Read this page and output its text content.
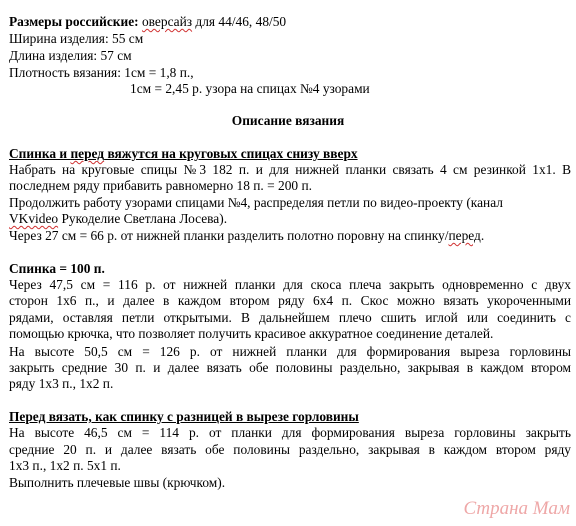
Размеры российские: оверсайз для 44/46, 48/50

Ширина изделия: 55 см

Длина изделия: 57 см

Плотность вязания: 1см = 1,8 п.,

1см = 2,45 р. узора на спицах №4 узорами

Описание вязания

Спинка и перед вяжутся на круговых спицах снизу вверх

Набрать на круговые спицы №3 182 п. и для нижней планки связать 4 см резинкой 1х1. В

последнем ряду прибавить равномерно 18 п. = 200 п.

Продолжить работу узорами спицами №4, распределяя петли по видео-проекту (канал

VKvideo Рукоделие Светлана Лосева).

Через 27 см = 66 р. от нижней планки разделить полотно поровну на спинку/перед.

Спинка = 100 п.

Через 47,5 см = 116 р. от нижней планки для скоса плеча закрыть одновременно с двух

сторон 1х6 п., и далее в каждом втором ряду 6х4 п. Скос можно вязать укороченными

рядами, оставляя петли открытыми. В дальнейшем плечо сшить иглой или соединить с

помощью крючка, что позволяет получить красивое аккуратное соединение деталей.

На высоте 50,5 см = 126 р. от нижней планки для формирования выреза горловины

закрыть средние 30 п. и далее вязать обе половины раздельно, закрывая в каждом втором

ряду 1х3 п., 1х2 п.

Перед вязать, как спинку с разницей в вырезе горловины

На высоте 46,5 см = 114 р. от планки для формирования выреза горловины закрыть

средние 20 п. и далее вязать обе половины раздельно, закрывая в каждом втором ряду

1х3 п., 1х2 п. 5х1 п.

Выполнить плечевые швы (крючком).

Страна Мам
